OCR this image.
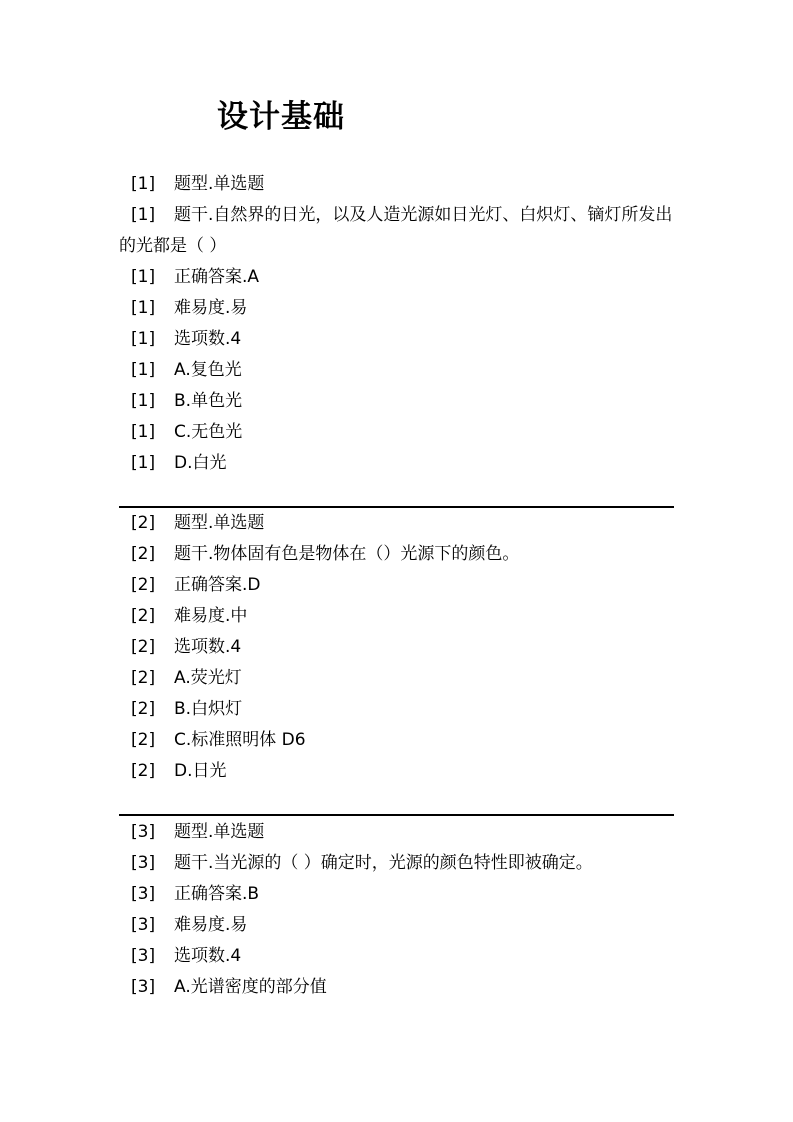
设计基础
[1] 题型.单选题
[1] 题干.自然界的日光，以及人造光源如日光灯、白炽灯、镝灯所发出的光都是（ ）
[1] 正确答案.A
[1] 难易度.易
[1] 选项数.4
[1] A.复色光
[1] B.单色光
[1] C.无色光
[1] D.白光
[2] 题型.单选题
[2] 题干.物体固有色是物体在（）光源下的颜色。
[2] 正确答案.D
[2] 难易度.中
[2] 选项数.4
[2] A.荧光灯
[2] B.白炽灯
[2] C.标准照明体 D6
[2] D.日光
[3] 题型.单选题
[3] 题干.当光源的（ ）确定时，光源的颜色特性即被确定。
[3] 正确答案.B
[3] 难易度.易
[3] 选项数.4
[3] A.光谱密度的部分值
